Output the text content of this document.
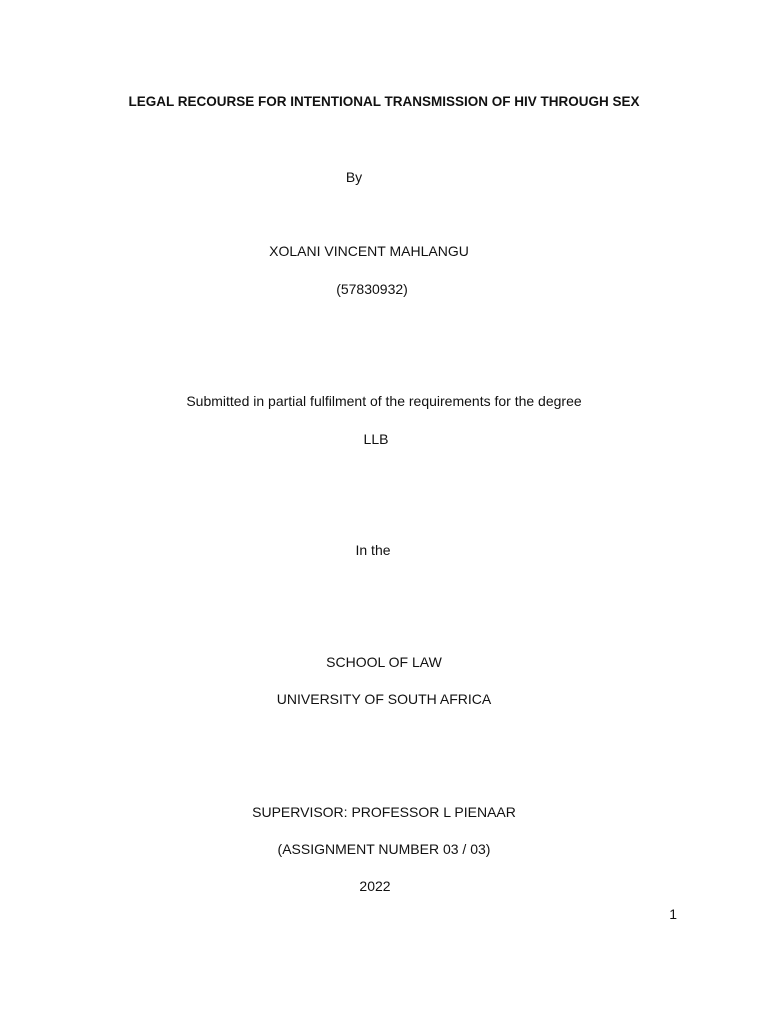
LEGAL RECOURSE FOR INTENTIONAL TRANSMISSION OF HIV THROUGH SEX
By
XOLANI VINCENT MAHLANGU
(57830932)
Submitted in partial fulfilment of the requirements for the degree
LLB
In the
SCHOOL OF LAW
UNIVERSITY OF SOUTH AFRICA
SUPERVISOR: PROFESSOR L PIENAAR
(ASSIGNMENT NUMBER 03 / 03)
2022
1
